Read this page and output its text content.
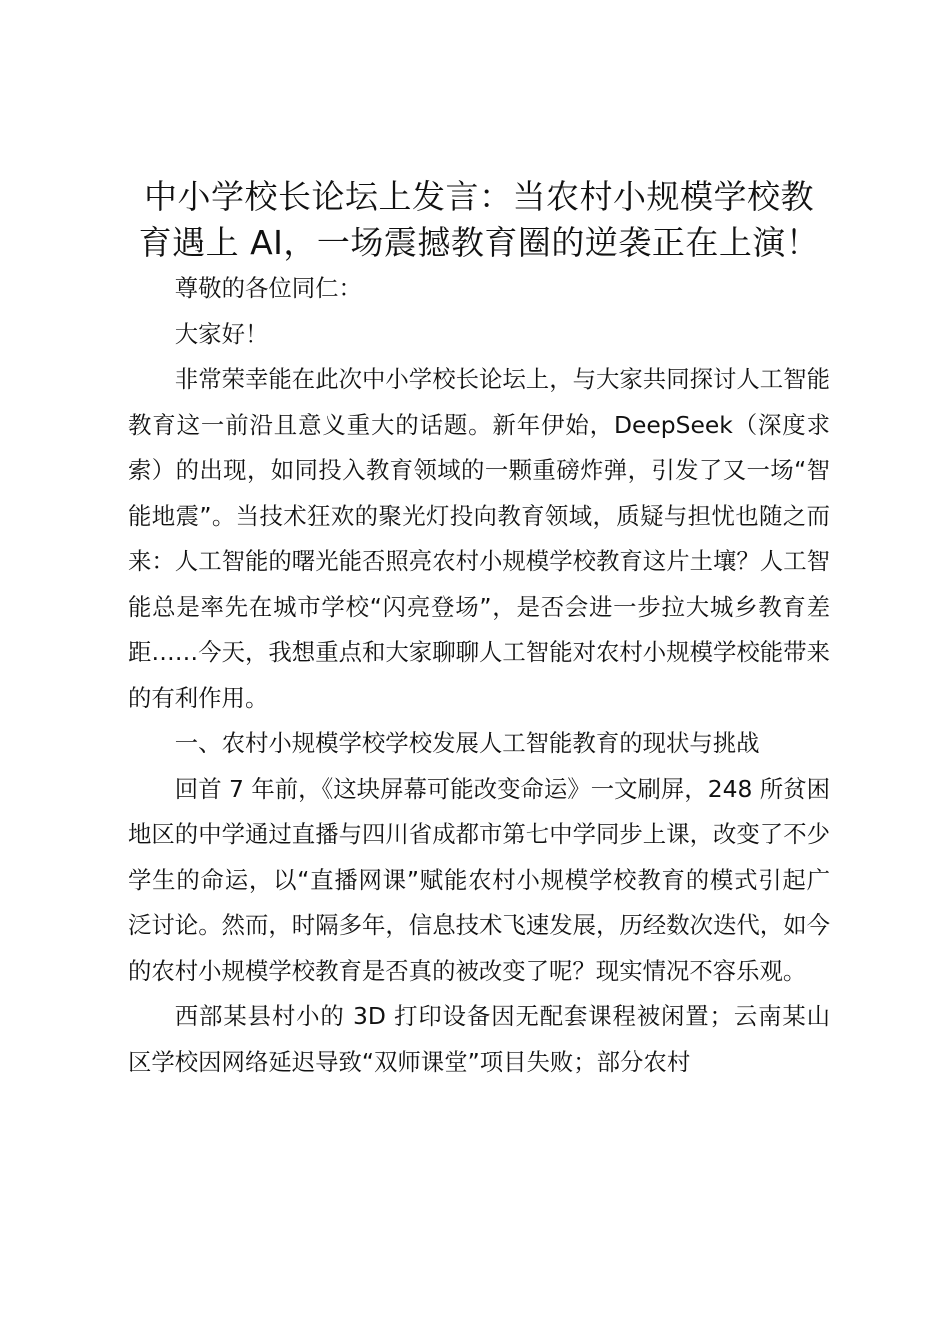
中小学校长论坛上发言：当农村小规模学校教育遇上 AI，一场震撼教育圈的逆袭正在上演！

尊敬的各位同仁：

大家好！

非常荣幸能在此次中小学校长论坛上，与大家共同探讨人工智能教育这一前沿且意义重大的话题。新年伊始，DeepSeek（深度求索）的出现，如同投入教育领域的一颗重磅炸弹，引发了又一场“智能地震”。当技术狂欢的聚光灯投向教育领域，质疑与担忧也随之而来：人工智能的曙光能否照亮农村小规模学校教育这片土壤？人工智能总是率先在城市学校“闪亮登场”，是否会进一步拉大城乡教育差距……今天，我想重点和大家聊聊人工智能对农村小规模学校能带来的有利作用。

一、农村小规模学校学校发展人工智能教育的现状与挑战

回首 7 年前，《这块屏幕可能改变命运》一文刷屏，248 所贫困地区的中学通过直播与四川省成都市第七中学同步上课，改变了不少学生的命运，以“直播网课”赋能农村小规模学校教育的模式引起广泛讨论。然而，时隔多年，信息技术飞速发展，历经数次迭代，如今的农村小规模学校教育是否真的被改变了呢？现实情况不容乐观。

西部某县村小的 3D 打印设备因无配套课程被闲置；云南某山区学校因网络延迟导致“双师课堂”项目失败；部分农村
